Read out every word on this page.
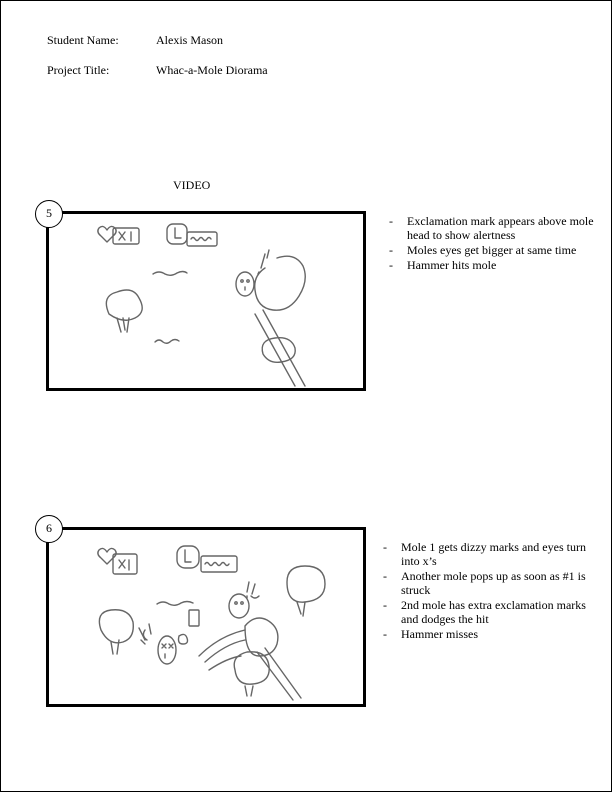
Student Name:	Alexis Mason
Project Title:	Whac-a-Mole Diorama
VIDEO
5
- Exclamation mark appears above mole head to show alertness
- Moles eyes get bigger at same time
- Hammer hits mole
6
- Mole 1 gets dizzy marks and eyes turn into x’s
- Another mole pops up as soon as #1 is struck
- 2nd mole has extra exclamation marks and dodges the hit
- Hammer misses
